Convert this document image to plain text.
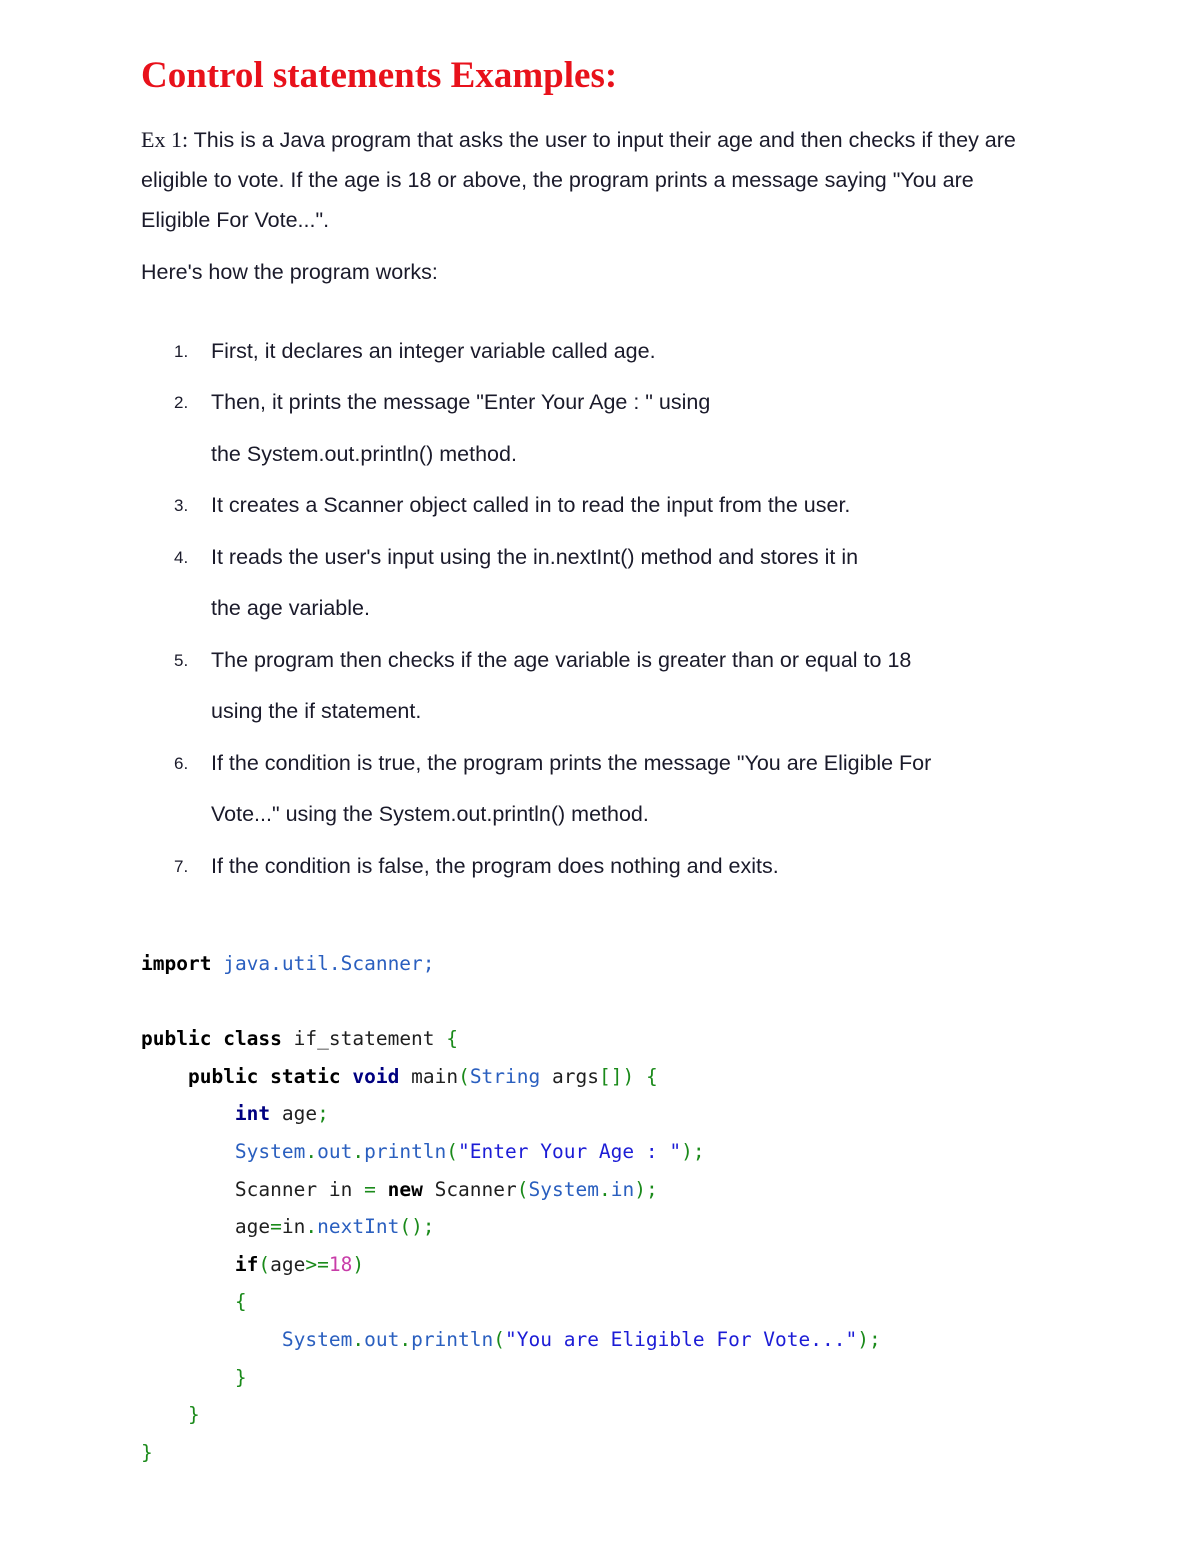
Control statements Examples:

Ex 1: This is a Java program that asks the user to input their age and then checks if they are eligible to vote. If the age is 18 or above, the program prints a message saying "You are Eligible For Vote...".

Here's how the program works:

1. First, it declares an integer variable called age.
2. Then, it prints the message "Enter Your Age : " using
the System.out.println() method.
3. It creates a Scanner object called in to read the input from the user.
4. It reads the user's input using the in.nextInt() method and stores it in
the age variable.
5. The program then checks if the age variable is greater than or equal to 18
using the if statement.
6. If the condition is true, the program prints the message "You are Eligible For
Vote..." using the System.out.println() method.
7. If the condition is false, the program does nothing and exits.
import java.util.Scanner;

public class if_statement {
public static void main(String args[]) {
int age;
System.out.println("Enter Your Age : ");
Scanner in = new Scanner(System.in);
age=in.nextInt();
if(age>=18)
{
System.out.println("You are Eligible For Vote...");
}
}
}
